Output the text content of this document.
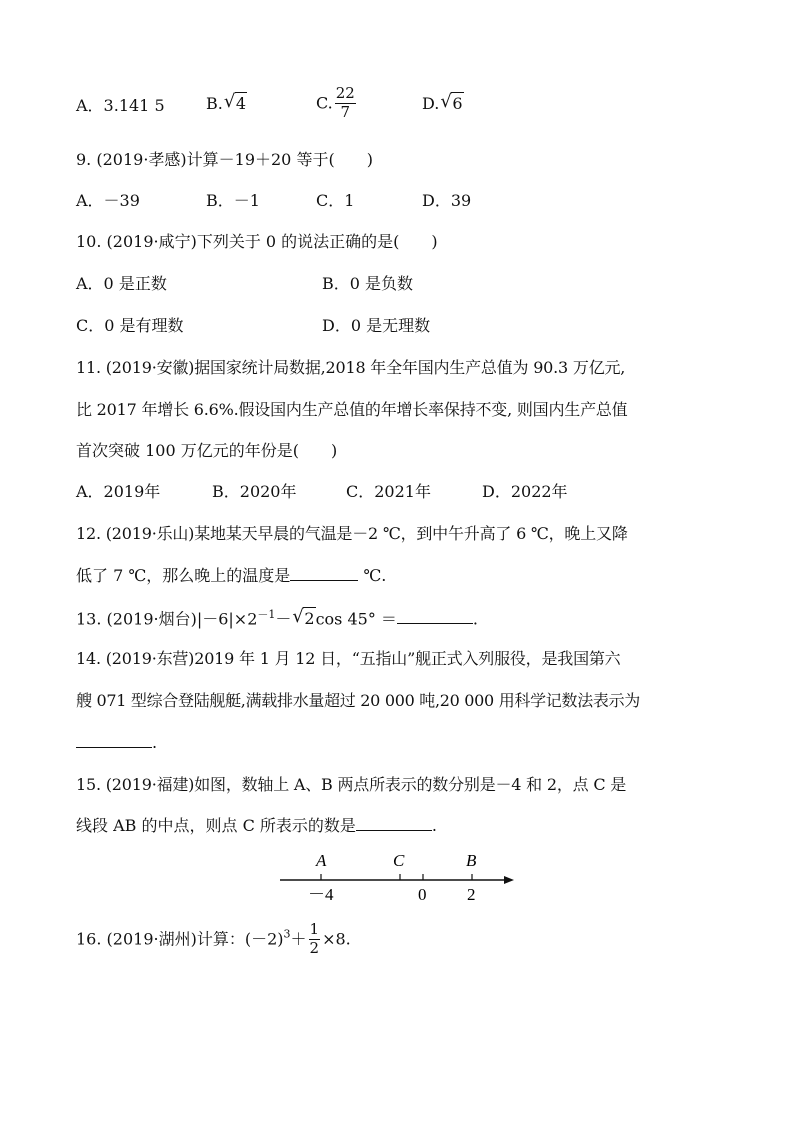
A．3.141 5	B. √ 4	C. $\frac{22}{7}$	D. √ 6
9. (2019·孝感)计算－19＋20 等于(　　)
A．－39	B．－1	C．1	D．39
10. (2019·咸宁)下列关于 0 的说法正确的是(　　)
A．0 是正数	B．0 是负数
C．0 是有理数	D．0 是无理数
11. (2019·安徽)据国家统计局数据,2018 年全年国内生产总值为 90.3 万亿元,
比 2017 年增长 6.6%.假设国内生产总值的年增长率保持不变, 则国内生产总值
首次突破 100 万亿元的年份是(　　)
A．2019年	B．2020年	C．2021年	D．2022年
12. (2019·乐山)某地某天早晨的气温是－2 ℃，到中午升高了 6 ℃，晚上又降
低了 7 ℃，那么晚上的温度是	℃.
13. (2019·烟台)$|-6|\times 2^{-1}-$ √ 2cos 45° ＝	.
14. (2019·东营)2019 年 1 月 12 日，“五指山”舰正式入列服役，是我国第六
艘 071 型综合登陆舰艇,满载排水量超过 20 000 吨,20 000 用科学记数法表示为
.
15. (2019·福建)如图，数轴上 A、B 两点所表示的数分别是－4 和 2，点 C 是
线段 AB 的中点，则点 C 所表示的数是	.
A	C	B
－4	0 2
16. (2019·湖州)计算：$(-2)^3+ \frac{1}{2} \times 8$.
